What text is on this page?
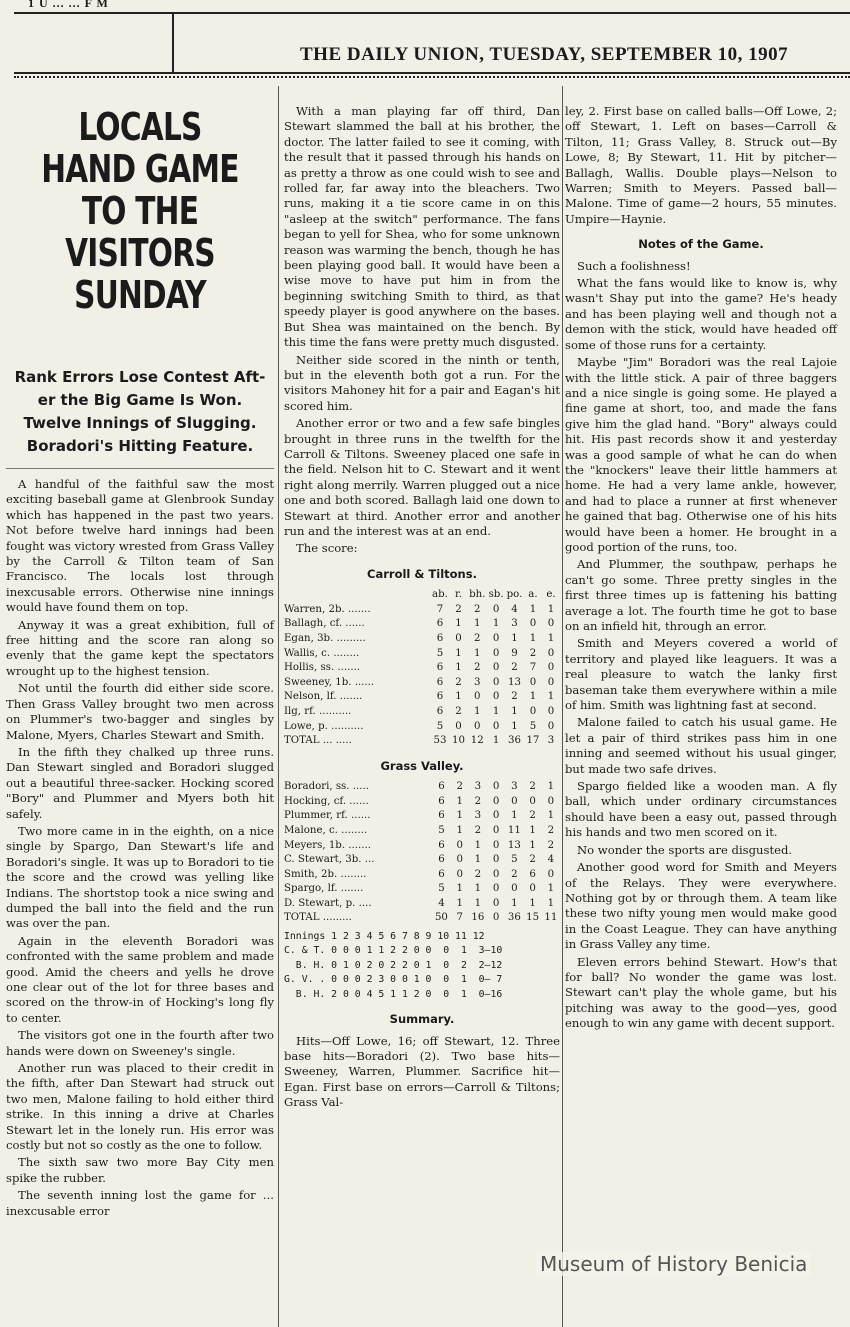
1 U ... ... F M
THE DAILY UNION, TUESDAY, SEPTEMBER 10, 1907
LOCALS HAND GAME
TO THE VISITORS
SUNDAY
Rank Errors Lose Contest Aft-
er the Big Game Is Won.
Twelve Innings of Slugging.
Boradori's Hitting Feature.

A handful of the faithful saw the most exciting baseball game at Glenbrook Sunday which has happened in the past two years. Not before twelve hard innings had been fought was victory wrested from Grass Valley by the Carroll & Tilton team of San Francisco. The locals lost through inexcusable errors. Otherwise nine innings would have found them on top.

Anyway it was a great exhibition, full of free hitting and the score ran along so evenly that the game kept the spectators wrought up to the highest tension.

Not until the fourth did either side score. Then Grass Valley brought two men across on Plummer's two-bagger and singles by Malone, Myers, Charles Stewart and Smith.

In the fifth they chalked up three runs. Dan Stewart singled and Boradori slugged out a beautiful three-sacker. Hocking scored "Bory" and Plummer and Myers both hit safely.

Two more came in in the eighth, on a nice single by Spargo, Dan Stewart's life and Boradori's single. It was up to Boradori to tie the score and the crowd was yelling like Indians. The shortstop took a nice swing and dumped the ball into the field and the run was over the pan.

Again in the eleventh Boradori was confronted with the same problem and made good. Amid the cheers and yells he drove one clear out of the lot for three bases and scored on the throw-in of Hocking's long fly to center.

The visitors got one in the fourth after two hands were down on Sweeney's single.

Another run was placed to their credit in the fifth, after Dan Stewart had struck out two men, Malone failing to hold either third strike. In this inning a drive at Charles Stewart let in the lonely run. His error was costly but not so costly as the one to follow.

The sixth saw two more Bay City men spike the rubber.

The seventh inning lost the game for ... inexcusable error

With a man playing far off third, Dan Stewart slammed the ball at his brother, the doctor. The latter failed to see it coming, with the result that it passed through his hands on as pretty a throw as one could wish to see and rolled far, far away into the bleachers. Two runs, making it a tie score came in on this "asleep at the switch" performance. The fans began to yell for Shea, who for some unknown reason was warming the bench, though he has been playing good ball. It would have been a wise move to have put him in from the beginning switching Smith to third, as that speedy player is good anywhere on the bases. But Shea was maintained on the bench. By this time the fans were pretty much disgusted.

Neither side scored in the ninth or tenth, but in the eleventh both got a run. For the visitors Mahoney hit for a pair and Eagan's hit scored him.

Another error or two and a few safe bingles brought in three runs in the twelfth for the Carroll & Tiltons. Sweeney placed one safe in the field. Nelson hit to C. Stewart and it went right along merrily. Warren plugged out a nice one and both scored. Ballagh laid one down to Stewart at third. Another error and another run and the interest was at an end.

The score:

Carroll & Tiltons.
	ab.	r.	bh.	sb.	po.	a.	e.
Warren, 2b. .......	7	2	2	0	4	1	1
Ballagh, cf. ......	6	1	1	1	3	0	0
Egan, 3b. .........	6	0	2	0	1	1	1
Wallis, c. ........	5	1	1	0	9	2	0
Hollis, ss. .......	6	1	2	0	2	7	0
Sweeney, 1b. ......	6	2	3	0	13	0	0
Nelson, lf. .......	6	1	0	0	2	1	1
Ilg, rf. ..........	6	2	1	1	1	0	0
Lowe, p. ..........	5	0	0	0	1	5	0
TOTAL ... .....	53	10	12	1	36	17	3
Grass Valley.
Boradori, ss. .....	6	2	3	0	3	2	1
Hocking, cf. ......	6	1	2	0	0	0	0
Plummer, rf. ......	6	1	3	0	1	2	1
Malone, c. ........	5	1	2	0	11	1	2
Meyers, 1b. .......	6	0	1	0	13	1	2
C. Stewart, 3b. ...	6	0	1	0	5	2	4
Smith, 2b. ........	6	0	2	0	2	6	0
Spargo, lf. .......	5	1	1	0	0	0	1
D. Stewart, p. ....	4	1	1	0	1	1	1
TOTAL .........	50	7	16	0	36	15	11
Innings 1 2 3 4 5 6 7 8 9 10 11 12
C. & T. 0 0 0 1 1 2 2 0 0  0  1  3—10
B. H. 0 1 0 2 0 2 2 0 1  0  2  2—12
G. V. . 0 0 0 2 3 0 0 1 0  0  1  0— 7
B. H. 2 0 0 4 5 1 1 2 0  0  1  0—16
Summary.

Hits—Off Lowe, 16; off Stewart, 12. Three base hits—Boradori (2). Two base hits—Sweeney, Warren, Plummer. Sacrifice hit—Egan. First base on errors—Carroll & Tiltons; Grass Val-

ley, 2. First base on called balls—Off Lowe, 2; off Stewart, 1. Left on bases—Carroll & Tilton, 11; Grass Valley, 8. Struck out—By Lowe, 8; By Stewart, 11. Hit by pitcher—Ballagh, Wallis. Double plays—Nelson to Warren; Smith to Meyers. Passed ball—Malone. Time of game—2 hours, 55 minutes. Umpire—Haynie.

Notes of the Game.

Such a foolishness!

What the fans would like to know is, why wasn't Shay put into the game? He's heady and has been playing well and though not a demon with the stick, would have headed off some of those runs for a certainty.

Maybe "Jim" Boradori was the real Lajoie with the little stick. A pair of three baggers and a nice single is going some. He played a fine game at short, too, and made the fans give him the glad hand. "Bory" always could hit. His past records show it and yesterday was a good sample of what he can do when the "knockers" leave their little hammers at home. He had a very lame ankle, however, and had to place a runner at first whenever he gained that bag. Otherwise one of his hits would have been a homer. He brought in a good portion of the runs, too.

And Plummer, the southpaw, perhaps he can't go some. Three pretty singles in the first three times up is fattening his batting average a lot. The fourth time he got to base on an infield hit, through an error.

Smith and Meyers covered a world of territory and played like leaguers. It was a real pleasure to watch the lanky first baseman take them everywhere within a mile of him. Smith was lightning fast at second.

Malone failed to catch his usual game. He let a pair of third strikes pass him in one inning and seemed without his usual ginger, but made two safe drives.

Spargo fielded like a wooden man. A fly ball, which under ordinary circumstances should have been a easy out, passed through his hands and two men scored on it.

No wonder the sports are disgusted.

Another good word for Smith and Meyers of the Relays. They were everywhere. Nothing got by or through them. A team like these two nifty young men would make good in the Coast League. They can have anything in Grass Valley any time.

Eleven errors behind Stewart. How's that for ball? No wonder the game was lost. Stewart can't play the whole game, but his pitching was away to the good—yes, good enough to win any game with decent support.

Museum of History Benicia
